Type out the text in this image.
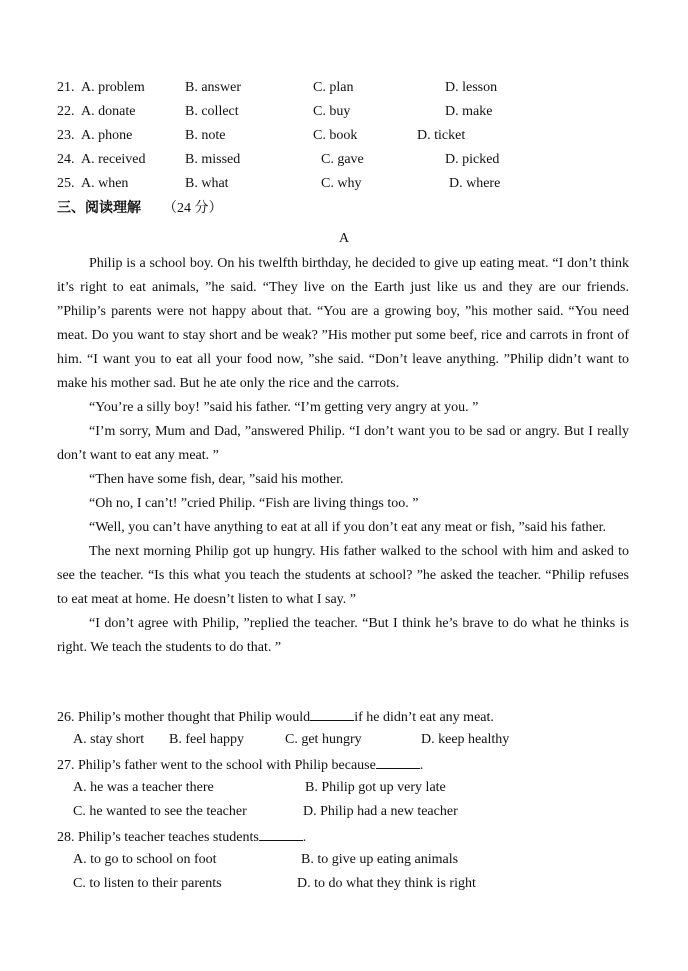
21. A. problem	B. answer	C. plan	D. lesson
22. A. donate	B. collect	C. buy	D. make
23. A. phone	B. note	C. book	D. ticket
24. A. received	B. missed	C. gave	D. picked
25. A. when	B. what	C. why	D. where
三、阅读理解 （24 分）
A

Philip is a school boy. On his twelfth birthday, he decided to give up eating meat. “I don’t think it’s right to eat animals, ”he said. “They live on the Earth just like us and they are our friends. ”Philip’s parents were not happy about that. “You are a growing boy, ”his mother said. “You need meat. Do you want to stay short and be weak? ”His mother put some beef, rice and carrots in front of him. “I want you to eat all your food now, ”she said. “Don’t leave anything. ”Philip didn’t want to make his mother sad. But he ate only the rice and the carrots.

“You’re a silly boy! ”said his father. “I’m getting very angry at you. ”

“I’m sorry, Mum and Dad, ”answered Philip. “I don’t want you to be sad or angry. But I really don’t want to eat any meat. ”

“Then have some fish, dear, ”said his mother.

“Oh no, I can’t! ”cried Philip. “Fish are living things too. ”

“Well, you can’t have anything to eat at all if you don’t eat any meat or fish, ”said his father.

The next morning Philip got up hungry. His father walked to the school with him and asked to see the teacher. “Is this what you teach the students at school? ”he asked the teacher. “Philip refuses to eat meat at home. He doesn’t listen to what I say. ”

“I don’t agree with Philip, ”replied the teacher. “But I think he’s brave to do what he thinks is right. We teach the students to do that. ”

26. Philip’s mother thought that Philip would	if he didn’t eat any meat.
A. stay short B. feel happy	C. get hungry	D. keep healthy
27. Philip’s father went to the school with Philip because	.
A. he was a teacher there	B. Philip got up very late
C. he wanted to see the teacher	D. Philip had a new teacher
28. Philip’s teacher teaches students	.
A. to go to school on foot	B. to give up eating animals
C. to listen to their parents	D. to do what they think is right
